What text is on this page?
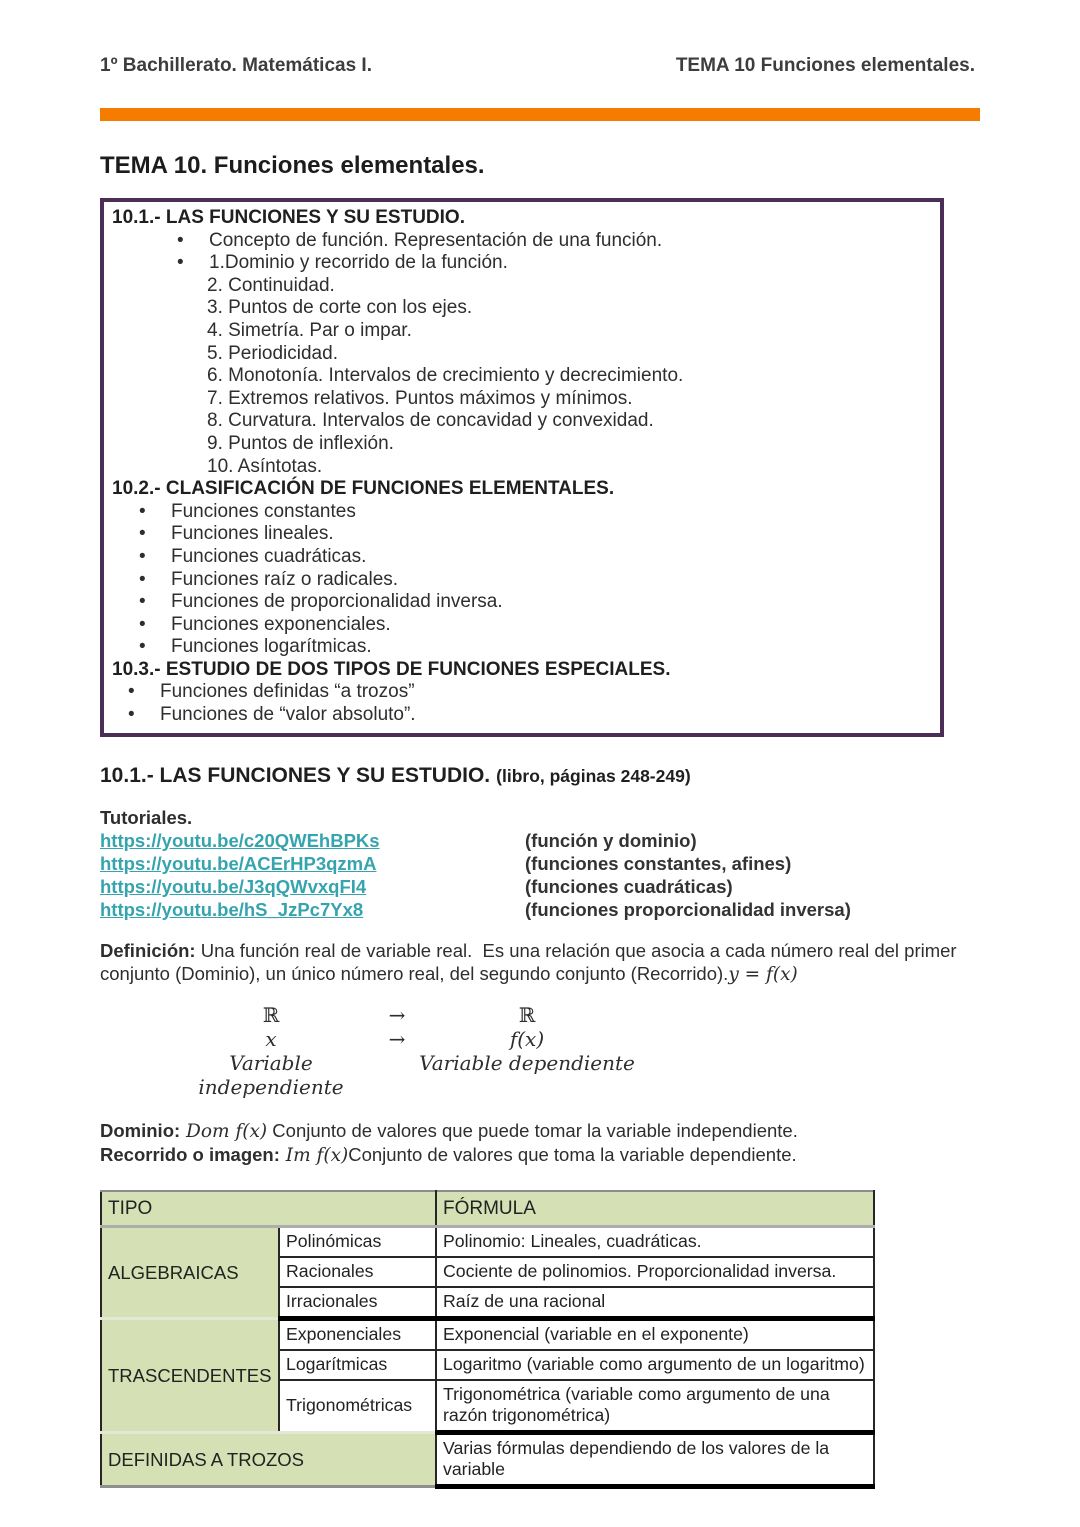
1º Bachillerato. Matemáticas I.	TEMA 10 Funciones elementales.
TEMA 10. Funciones elementales.
10.1.- LAS FUNCIONES Y SU ESTUDIO.
•
Concepto de función. Representación de una función.
•
1.Dominio y recorrido de la función.
2. Continuidad.
3. Puntos de corte con los ejes.
4. Simetría. Par o impar.
5. Periodicidad.
6. Monotonía. Intervalos de crecimiento y decrecimiento.
7. Extremos relativos. Puntos máximos y mínimos.
8. Curvatura. Intervalos de concavidad y convexidad.
9. Puntos de inflexión.
10. Asíntotas.
10.2.- CLASIFICACIÓN DE FUNCIONES ELEMENTALES.
•
Funciones constantes
•
Funciones lineales.
•
Funciones cuadráticas.
•
Funciones raíz o radicales.
•
Funciones de proporcionalidad inversa.
•
Funciones exponenciales.
•
Funciones logarítmicas.
10.3.- ESTUDIO DE DOS TIPOS DE FUNCIONES ESPECIALES.
•
Funciones definidas “a trozos”
•
Funciones de “valor absoluto”.
10.1.- LAS FUNCIONES Y SU ESTUDIO. (libro, páginas 248-249)
Tutoriales.
https://youtu.be/c20QWEhBPKs	(función y dominio)
https://youtu.be/ACErHP3qzmA	(funciones constantes, afines)
https://youtu.be/J3qQWvxqFI4	(funciones cuadráticas)
https://youtu.be/hS_JzPc7Yx8	(funciones proporcionalidad inversa)
Definición: Una función real de variable real.  Es una relación que asocia a cada número real del primer conjunto (Dominio), un único número real, del segundo conjunto (Recorrido).y = f(x)
ℝ	→	ℝ
x	→	f(x)
Variable independiente
Variable dependiente
Dominio: Dom f(x) Conjunto de valores que puede tomar la variable independiente.
Recorrido o imagen: Im f(x)Conjunto de valores que toma la variable dependiente.
TIPO		FÓRMULA
ALGEBRAICAS	Polinómicas	Polinomio: Lineales, cuadráticas.
	Racionales	Cociente de polinomios. Proporcionalidad inversa.
	Irracionales	Raíz de una racional
TRASCENDENTES	Exponenciales	Exponencial (variable en el exponente)
	Logarítmicas	Logaritmo (variable como argumento de un logaritmo)
	Trigonométricas	Trigonométrica (variable como argumento de una razón trigonométrica)
DEFINIDAS A TROZOS		Varias fórmulas dependiendo de los valores de la variable
